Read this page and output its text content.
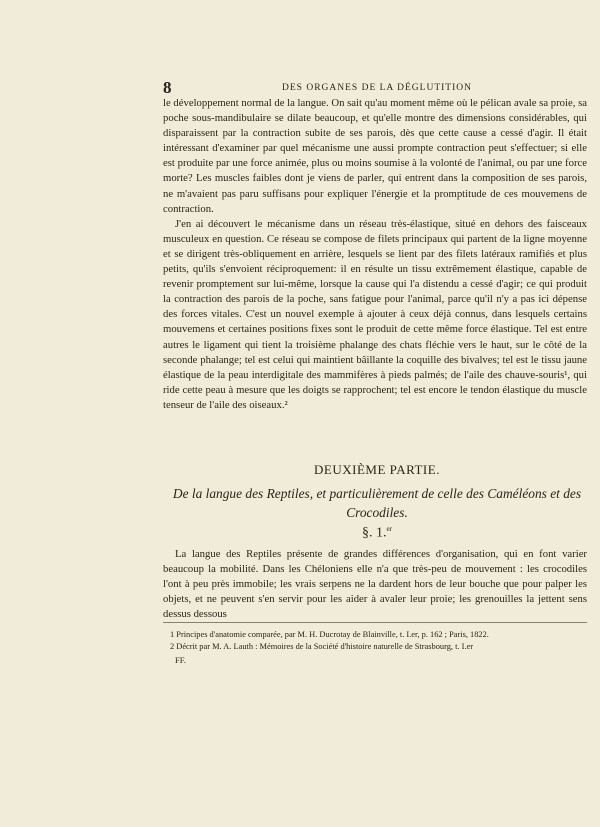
8	DES ORGANES DE LA DÉGLUTITION

le développement normal de la langue. On sait qu'au moment même où le pélican avale sa proie, sa poche sous-mandibulaire se dilate beaucoup, et qu'elle montre des dimensions considérables, qui disparaissent par la contraction subite de ses parois, dès que cette cause a cessé d'agir. Il était intéressant d'examiner par quel mécanisme une aussi prompte contraction peut s'effectuer; si elle est produite par une force animée, plus ou moins soumise à la volonté de l'animal, ou par une force morte? Les muscles faibles dont je viens de parler, qui entrent dans la composition de ses parois, ne m'avaient pas paru suffisans pour expliquer l'énergie et la promptitude de ces mouvemens de contraction.

J'en ai découvert le mécanisme dans un réseau très-élastique, situé en dehors des faisceaux musculeux en question. Ce réseau se compose de filets principaux qui partent de la ligne moyenne et se dirigent très-obliquement en arrière, lesquels se lient par des filets latéraux ramifiés et plus petits, qu'ils s'envoient réciproquement: il en résulte un tissu extrêmement élastique, capable de revenir promptement sur lui-même, lorsque la cause qui l'a distendu a cessé d'agir; ce qui produit la contraction des parois de la poche, sans fatigue pour l'animal, parce qu'il n'y a pas ici dépense des forces vitales. C'est un nouvel exemple à ajouter à ceux déjà connus, dans lesquels certains mouvemens et certaines positions fixes sont le produit de cette même force élastique. Tel est entre autres le ligament qui tient la troisième phalange des chats fléchie vers le haut, sur le côté de la seconde phalange; tel est celui qui maintient bâillante la coquille des bivalves; tel est le tissu jaune élastique de la peau interdigitale des mammifères à pieds palmés; de l'aile des chauve-souris¹, qui ride cette peau à mesure que les doigts se rapprochent; tel est encore le tendon élastique du muscle tenseur de l'aile des oiseaux.²

DEUXIÈME PARTIE.
De la langue des Reptiles, et particulièrement de celle des Caméléons et des Crocodiles.
§. 1.$^{er}$

La langue des Reptiles présente de grandes différences d'organisation, qui en font varier beaucoup la mobilité. Dans les Chéloniens elle n'a que très-peu de mouvement : les crocodiles l'ont à peu près immobile; les vrais serpens ne la dardent hors de leur bouche que pour palper les objets, et ne peuvent s'en servir pour les aider à avaler leur proie; les grenouilles la jettent sens dessus dessous

1 Principes d'anatomie comparée, par M. H. Ducrotay de Blainville, t. I.er, p. 162 ; Paris, 1822.
2 Décrit par M. A. Lauth : Mémoires de la Société d'histoire naturelle de Strasbourg, t. I.er
FF.
